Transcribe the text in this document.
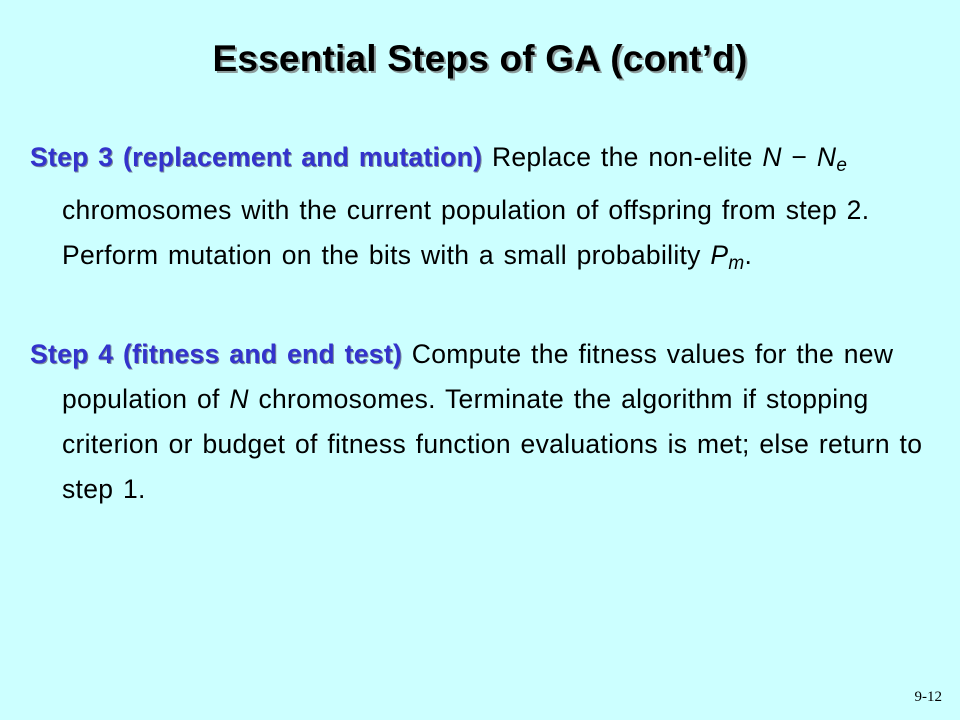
Essential Steps of GA (cont’d)
Step 3 (replacement and mutation) Replace the non-elite $N - N_e$ chromosomes with the current population of offspring from step 2. Perform mutation on the bits with a small probability $P_m$.
Step 4 (fitness and end test) Compute the fitness values for the new population of N chromosomes. Terminate the algorithm if stopping criterion or budget of fitness function evaluations is met; else return to step 1.
9-12
